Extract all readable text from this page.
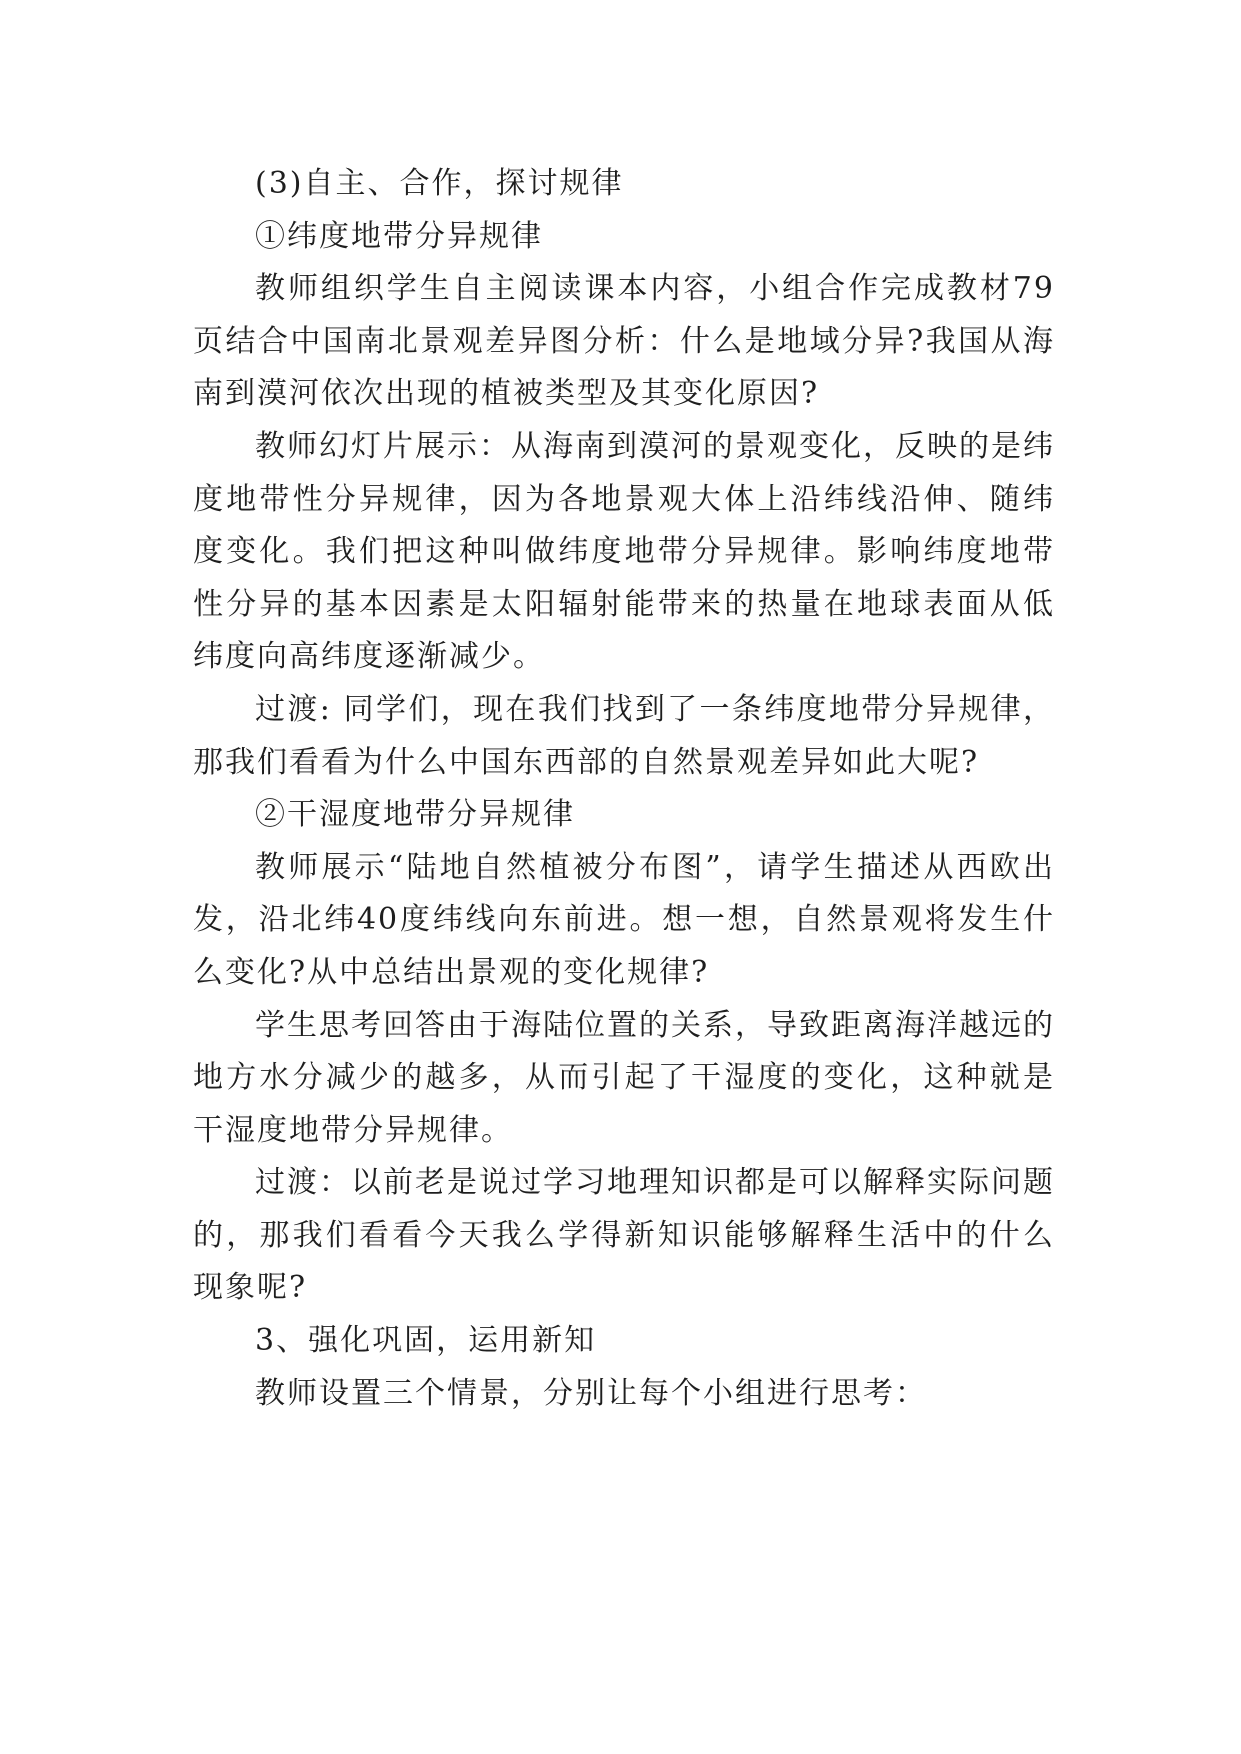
(3)自主、合作，探讨规律

①纬度地带分异规律

教师组织学生自主阅读课本内容，小组合作完成教材79页结合中国南北景观差异图分析：什么是地域分异?我国从海南到漠河依次出现的植被类型及其变化原因?

教师幻灯片展示：从海南到漠河的景观变化，反映的是纬度地带性分异规律，因为各地景观大体上沿纬线沿伸、随纬度变化。我们把这种叫做纬度地带分异规律。影响纬度地带性分异的基本因素是太阳辐射能带来的热量在地球表面从低纬度向高纬度逐渐减少。

过渡: 同学们，现在我们找到了一条纬度地带分异规律，那我们看看为什么中国东西部的自然景观差异如此大呢?

②干湿度地带分异规律

教师展示“陆地自然植被分布图”，请学生描述从西欧出发，沿北纬40度纬线向东前进。想一想，自然景观将发生什么变化?从中总结出景观的变化规律?

学生思考回答由于海陆位置的关系，导致距离海洋越远的地方水分减少的越多，从而引起了干湿度的变化，这种就是干湿度地带分异规律。

过渡：以前老是说过学习地理知识都是可以解释实际问题的，那我们看看今天我么学得新知识能够解释生活中的什么现象呢?

3、强化巩固，运用新知

教师设置三个情景，分别让每个小组进行思考：
